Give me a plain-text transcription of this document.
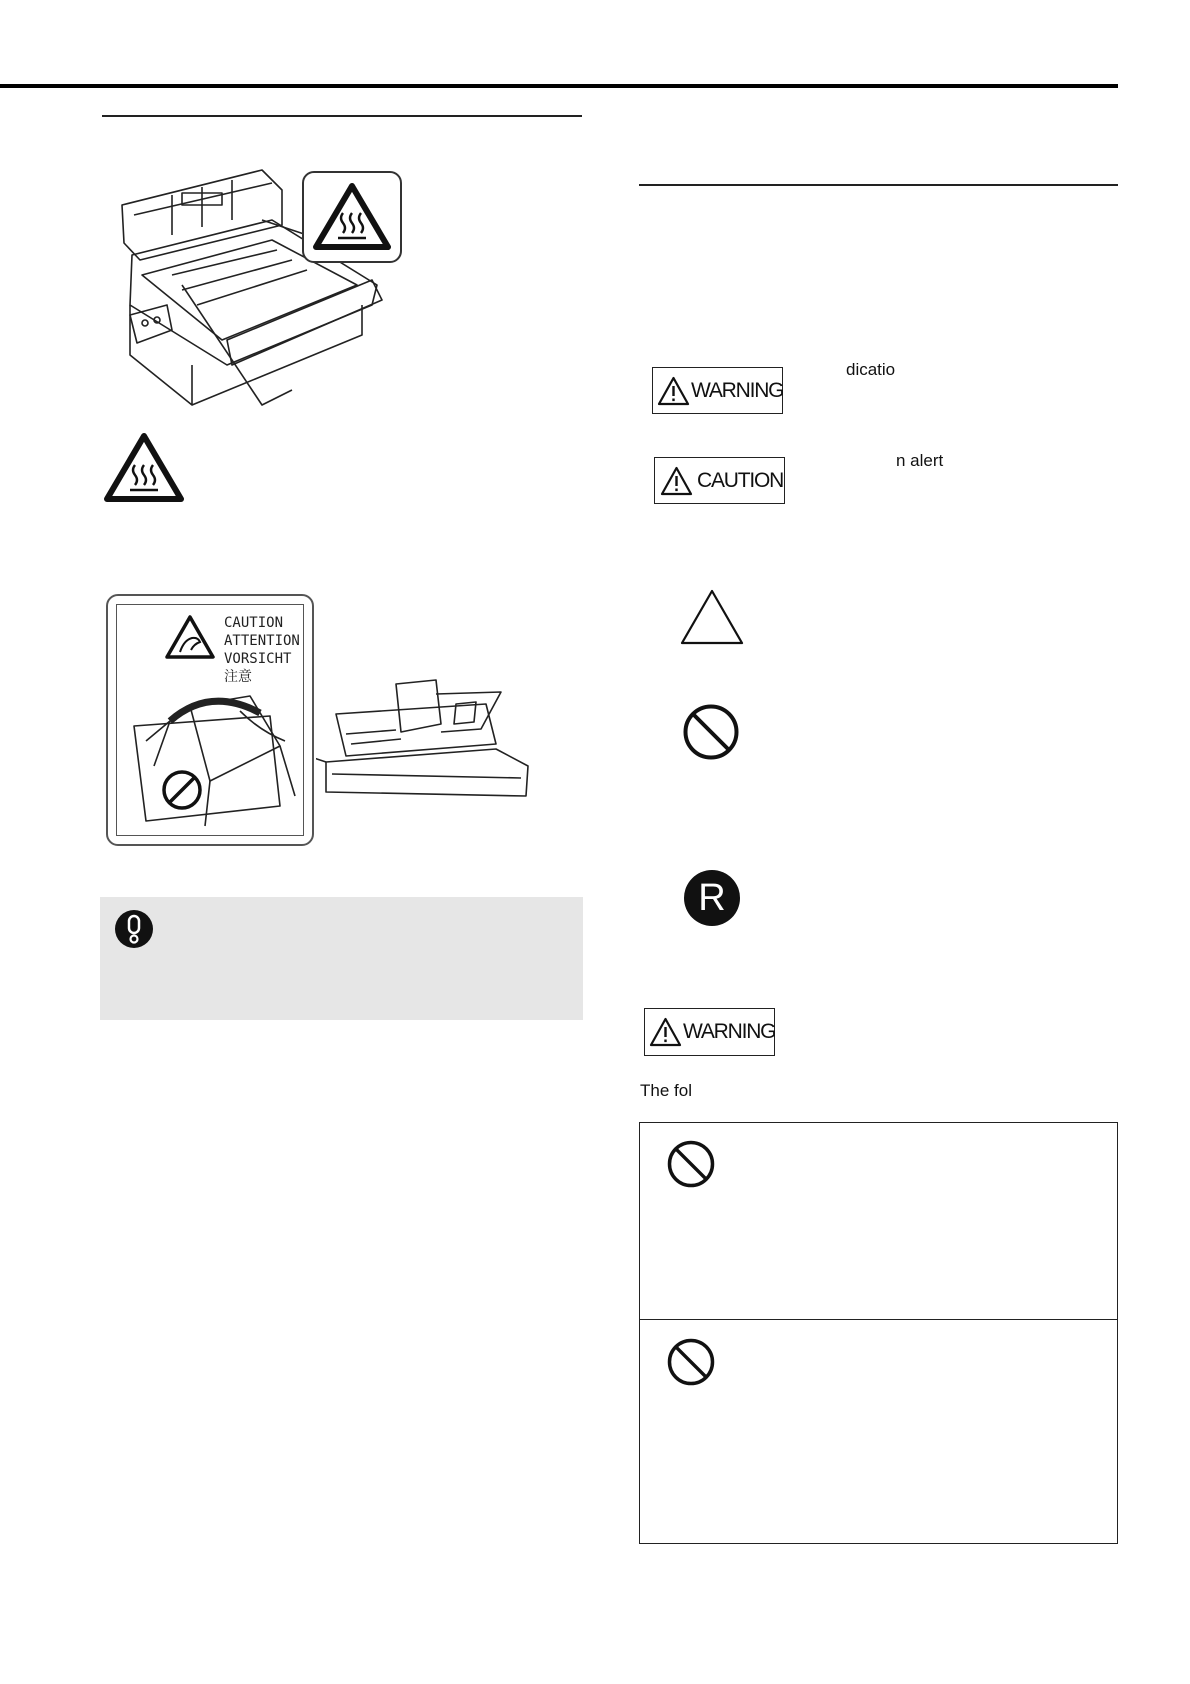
CAUTION
ATTENTION
VORSICHT
注意
WARNING
dicatio
CAUTION
n alert
R
WARNING
The fol
